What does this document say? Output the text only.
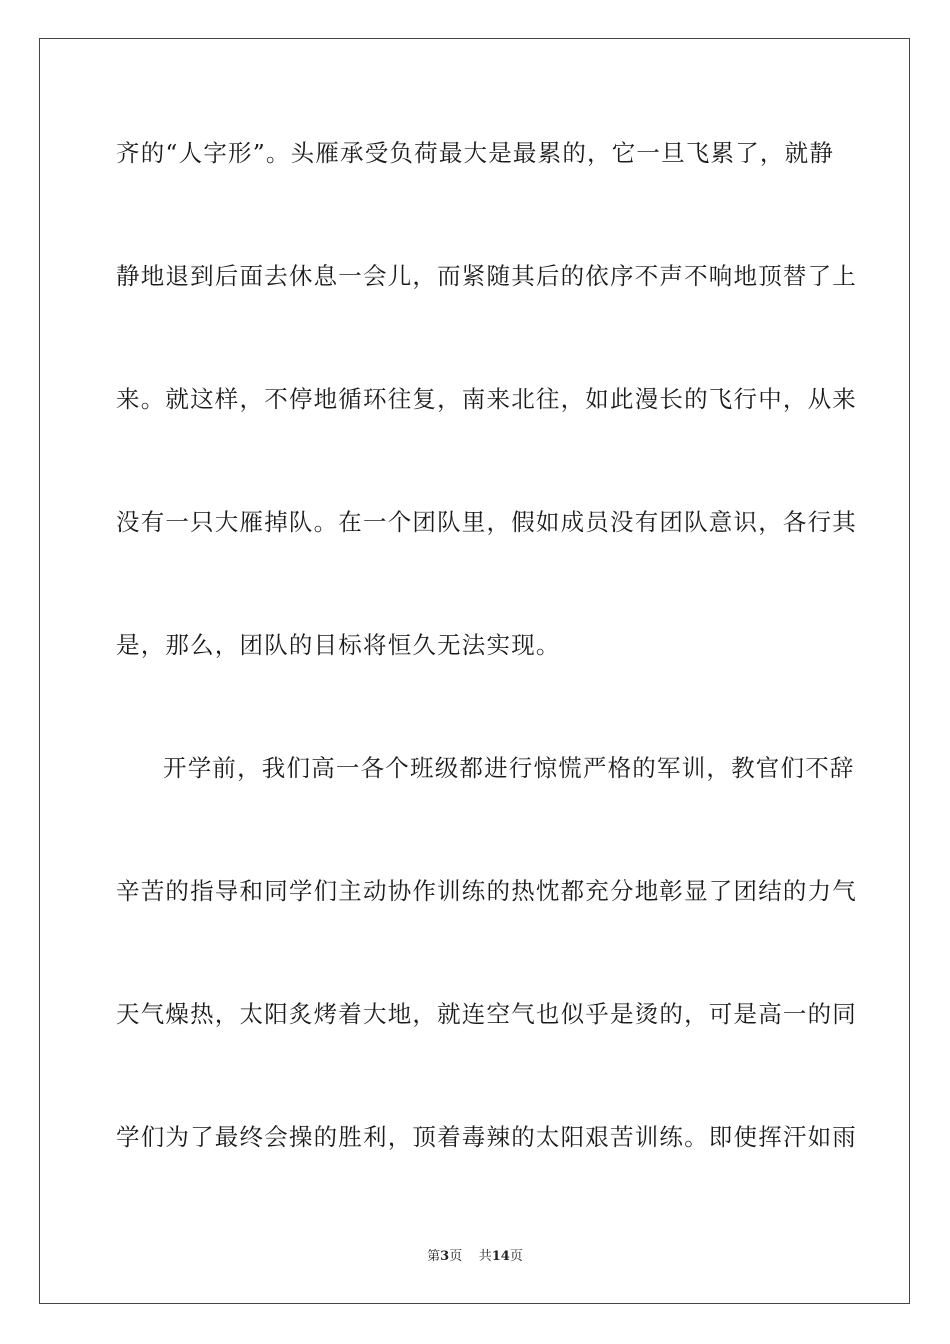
齐的“人字形”。头雁承受负荷最大是最累的，它一旦飞累了，就静
静地退到后面去休息一会儿，而紧随其后的依序不声不响地顶替了上
来。就这样，不停地循环往复，南来北往，如此漫长的飞行中，从来
没有一只大雁掉队。在一个团队里，假如成员没有团队意识，各行其
是，那么，团队的目标将恒久无法实现。
开学前，我们高一各个班级都进行惊慌严格的军训，教官们不辞
辛苦的指导和同学们主动协作训练的热忱都充分地彰显了团结的力气
天气燥热，太阳炙烤着大地，就连空气也似乎是烫的，可是高一的同
学们为了最终会操的胜利，顶着毒辣的太阳艰苦训练。即使挥汗如雨
第3页 共14页
